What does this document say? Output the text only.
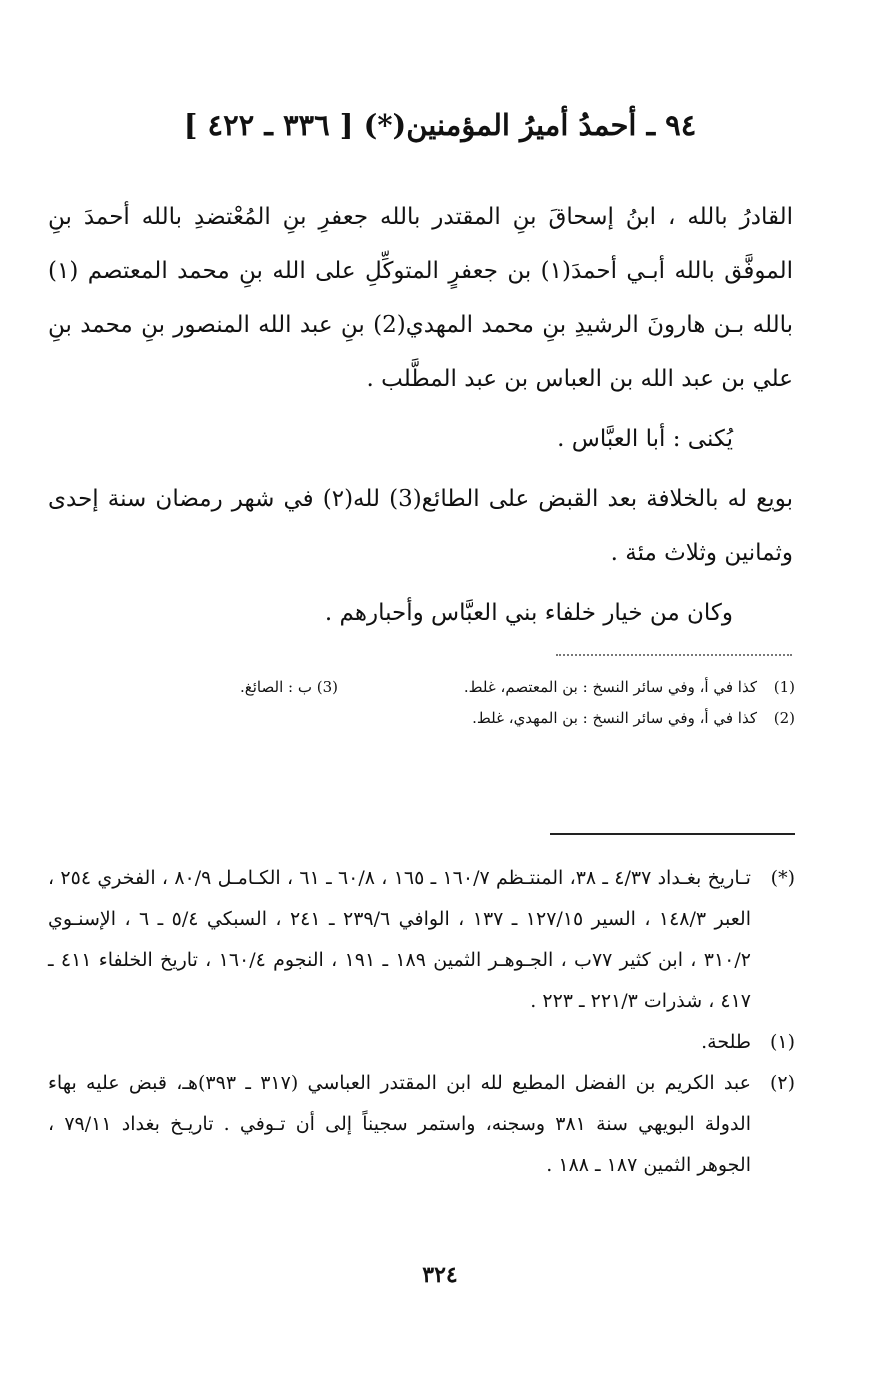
٩٤ ـ أحمدُ أميرُ المؤمنين(*) [ ٣٣٦ ـ ٤٢٢ ]

القادرُ بالله ، ابنُ إسحاقَ بنِ المقتدر بالله جعفرِ بنِ المُعْتضدِ بالله أحمدَ بنِ الموفَّق بالله أبـي أحمدَ(١) بن جعفرٍ المتوكِّلِ على الله بنِ محمد المعتصم (١) بالله بـن هارونَ الرشيدِ بنِ محمد المهدي(2) بنِ عبد الله المنصور بنِ محمد بنِ علي بن عبد الله بن العباس بن عبد المطَّلب .

يُكنى : أبا العبَّاس .

بويع له بالخلافة بعد القبض على الطائع(3) لله(٢) في شهر رمضان سنة إحدى وثمانين وثلاث مئة .

وكان من خيار خلفاء بني العبَّاس وأحبارهم .

(1)
كذا في أ، وفي سائر النسخ : بن المعتصم، غلط.
(2)
كذا في أ، وفي سائر النسخ : بن المهدي، غلط.
(3) ب : الصائغ.
(*)
تـاريخ بغـداد ٤/٣٧ ـ ٣٨، المنتـظم ١٦٠/٧ ـ ١٦٥ ، ٦٠/٨ ـ ٦١ ، الكـامـل ٨٠/٩ ، الفخري ٢٥٤ ، العبر ١٤٨/٣ ، السير ١٢٧/١٥ ـ ١٣٧ ، الوافي ٢٣٩/٦ ـ ٢٤١ ، السبكي ٥/٤ ـ ٦ ، الإسنـوي ٣١٠/٢ ، ابن كثير ٧٧ب ، الجـوهـر الثمين ١٨٩ ـ ١٩١ ، النجوم ١٦٠/٤ ، تاريخ الخلفاء ٤١١ ـ ٤١٧ ، شذرات ٢٢١/٣ ـ ٢٢٣ .
(١)
طلحة.
(٢)
عبد الكريم بن الفضل المطيع لله ابن المقتدر العباسي (٣١٧ ـ ٣٩٣)هـ، قبض عليه بهاء الدولة البويهي سنة ٣٨١ وسجنه، واستمر سجيناً إلى أن تـوفي . تاريـخ بغداد ٧٩/١١ ، الجوهر الثمين ١٨٧ ـ ١٨٨ .
٣٢٤
